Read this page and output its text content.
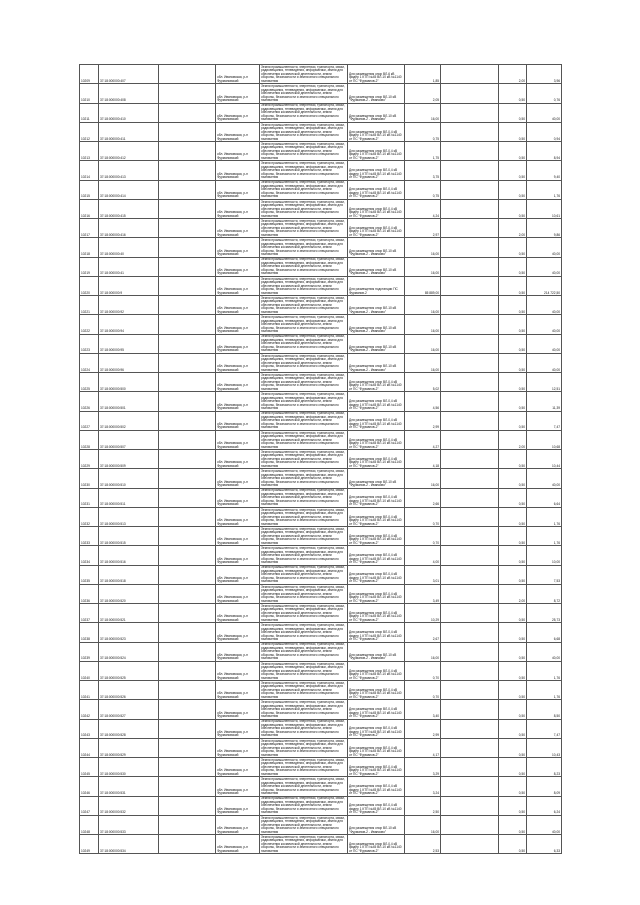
10209	37:18:000000:407		обл. Ивановская, р-н Фурмановский	Земли промышленности, энергетики, транспорта, связи, радиовещания, телевидения, информатики, земли для обеспечения космической деятельности, земли обороны, безопасности и земли иного специального назначения	Для размещения опор ВЛ-6 кВ фидер 1 КТП №45 ВЛ-10 кВ №1140 от ПС "Фурманов-2"	1,85		2,00	3,96
10210	37:18:000000:408		обл. Ивановская, р-н Фурмановский	Земли промышленности, энергетики, транспорта, связи, радиовещания, телевидения, информатики, земли для обеспечения космической деятельности, земли обороны, безопасности и земли иного специального назначения	Для размещения опор ВЛ-10 кВ "Фурманов-2 - Иванково"	2,05		0,50	0,76
10211	37:18:000000:410		обл. Ивановская, р-н Фурмановский	Земли промышленности, энергетики, транспорта, связи, радиовещания, телевидения, информатики, земли для обеспечения космической деятельности, земли обороны, безопасности и земли иного специального назначения	Для размещения опор ВЛ-10 кВ "Фурманов-2 - Иванково"	16,00		0,50	40,00
10212	37:18:000000:411		обл. Ивановская, р-н Фурмановский	Земли промышленности, энергетики, транспорта, связи, радиовещания, телевидения, информатики, земли для обеспечения космической деятельности, земли обороны, безопасности и земли иного специального назначения	Для размещения опор ВЛ-0,4 кВ фидер 1 КТП №45 ВЛ-10 кВ №1140 от ПС "Фурманов-2"	0,75		0,50	0,94
10213	37:18:000000:412		обл. Ивановская, р-н Фурмановский	Земли промышленности, энергетики, транспорта, связи, радиовещания, телевидения, информатики, земли для обеспечения космической деятельности, земли обороны, безопасности и земли иного специального назначения	Для размещения опор ВЛ-0,4 кВ фидер 1 КТП №45 ВЛ-10 кВ №1140 от ПС "Фурманов-2"	1,75		0,50	8,94
10214	37:18:000000:413		обл. Ивановская, р-н Фурмановский	Земли промышленности, энергетики, транспорта, связи, радиовещания, телевидения, информатики, земли для обеспечения космической деятельности, земли обороны, безопасности и земли иного специального назначения	Для размещения опор ВЛ-0,4 кВ фидер 1 КТП №45 ВЛ-10 кВ №1140 от ПС "Фурманов-2"	3,75		0,50	9,40
10215	37:18:000000:414		обл. Ивановская, р-н Фурмановский	Земли промышленности, энергетики, транспорта, связи, радиовещания, телевидения, информатики, земли для обеспечения космической деятельности, земли обороны, безопасности и земли иного специального назначения	Для размещения опор ВЛ-0,4 кВ фидер 1 КТП №45 ВЛ-10 кВ №1140 от ПС "Фурманов-2"	0,75		0,50	1,76
10216	37:18:000000:415		обл. Ивановская, р-н Фурмановский	Земли промышленности, энергетики, транспорта, связи, радиовещания, телевидения, информатики, земли для обеспечения космической деятельности, земли обороны, безопасности и земли иного специального назначения	Для размещения опор ВЛ-0,4 кВ фидер 1 КТП №45 ВЛ-10 кВ №1140 от ПС "Фурманов-2"	4,24		0,50	10,61
10217	37:18:000000:416		обл. Ивановская, р-н Фурмановский	Земли промышленности, энергетики, транспорта, связи, радиовещания, телевидения, информатики, земли для обеспечения космической деятельности, земли обороны, безопасности и земли иного специального назначения	Для размещения опор ВЛ-0,4 кВ фидер 1 КТП №45 ВЛ-10 кВ №1140 от ПС "Фурманов-2"	2,97		2,00	9,86
10218	37:18:000000:40		обл. Ивановская, р-н Фурмановский	Земли промышленности, энергетики, транспорта, связи, радиовещания, телевидения, информатики, земли для обеспечения космической деятельности, земли обороны, безопасности и земли иного специального назначения	Для размещения опор ВЛ-10 кВ "Фурманов-2 - Иванково"	16,00		0,50	40,00
10219	37:18:000000:41		обл. Ивановская, р-н Фурмановский	Земли промышленности, энергетики, транспорта, связи, радиовещания, телевидения, информатики, земли для обеспечения космической деятельности, земли обороны, безопасности и земли иного специального назначения	Для размещения опор ВЛ-10 кВ "Фурманов-2 - Иванково"	16,00		0,50	40,00
10220	37:18:000000:9		обл. Ивановская, р-н Фурмановский	Земли промышленности, энергетики, транспорта, связи, радиовещания, телевидения, информатики, земли для обеспечения космической деятельности, земли обороны, безопасности и земли иного специального назначения	Для размещения подстанции ПС Фурманов-2	85 889,00		0,50	214 722,50
10221	37:18:000000:92		обл. Ивановская, р-н Фурмановский	Земли промышленности, энергетики, транспорта, связи, радиовещания, телевидения, информатики, земли для обеспечения космической деятельности, земли обороны, безопасности и земли иного специального назначения	Для размещения опор ВЛ-10 кВ "Фурманов-2 - Иванково"	16,00		0,50	40,00
10222	37:18:000000:94		обл. Ивановская, р-н Фурмановский	Земли промышленности, энергетики, транспорта, связи, радиовещания, телевидения, информатики, земли для обеспечения космической деятельности, земли обороны, безопасности и земли иного специального назначения	Для размещения опор ВЛ-10 кВ "Фурманов-2 - Иванково"	16,00		0,50	40,00
10223	37:18:000000:95		обл. Ивановская, р-н Фурмановский	Земли промышленности, энергетики, транспорта, связи, радиовещания, телевидения, информатики, земли для обеспечения космической деятельности, земли обороны, безопасности и земли иного специального назначения	Для размещения опор ВЛ-10 кВ "Фурманов-2 - Иванково"	16,00		0,50	40,00
10224	37:18:000000:96		обл. Ивановская, р-н Фурмановский	Земли промышленности, энергетики, транспорта, связи, радиовещания, телевидения, информатики, земли для обеспечения космической деятельности, земли обороны, безопасности и земли иного специального назначения	Для размещения опор ВЛ-10 кВ "Фурманов-2 - Иванково"	16,00		0,50	40,00
10225	37:18:000000:500		обл. Ивановская, р-н Фурмановский	Земли промышленности, энергетики, транспорта, связи, радиовещания, телевидения, информатики, земли для обеспечения космической деятельности, земли обороны, безопасности и земли иного специального назначения	Для размещения опор ВЛ-0,4 кВ фидер 1 КТП №45 ВЛ-10 кВ №1140 от ПС "Фурманов-2"	5,02		0,50	12,51
10226	37:18:000000:501		обл. Ивановская, р-н Фурмановский	Земли промышленности, энергетики, транспорта, связи, радиовещания, телевидения, информатики, земли для обеспечения космической деятельности, земли обороны, безопасности и земли иного специального назначения	Для размещения опор ВЛ-0,4 кВ фидер 1 КТП №45 ВЛ-10 кВ №1140 от ПС "Фурманов-2"	4,56		0,50	11,39
10227	37:18:000000:502		обл. Ивановская, р-н Фурмановский	Земли промышленности, энергетики, транспорта, связи, радиовещания, телевидения, информатики, земли для обеспечения космической деятельности, земли обороны, безопасности и земли иного специального назначения	Для размещения опор ВЛ-0,4 кВ фидер 1 КТП №45 ВЛ-10 кВ №1140 от ПС "Фурманов-2"	2,99		0,50	7,47
10228	37:18:000000:507		обл. Ивановская, р-н Фурмановский	Земли промышленности, энергетики, транспорта, связи, радиовещания, телевидения, информатики, земли для обеспечения космической деятельности, земли обороны, безопасности и земли иного специального назначения	Для размещения опор ВЛ-0,4 кВ фидер 1 КТП №45 ВЛ-10 кВ №1140 от ПС "Фурманов-2"	4,27		2,00	10,68
10229	37:18:000000:509		обл. Ивановская, р-н Фурмановский	Земли промышленности, энергетики, транспорта, связи, радиовещания, телевидения, информатики, земли для обеспечения космической деятельности, земли обороны, безопасности и земли иного специального назначения	Для размещения опор ВЛ-0,4 кВ фидер 1 КТП №45 ВЛ-10 кВ №1140 от ПС "Фурманов-2"	4,18		0,50	10,44
10230	37:18:000000:510		обл. Ивановская, р-н Фурмановский	Земли промышленности, энергетики, транспорта, связи, радиовещания, телевидения, информатики, земли для обеспечения космической деятельности, земли обороны, безопасности и земли иного специального назначения	Для размещения опор ВЛ-10 кВ "Фурманов-2 - Иванково"	16,00		0,50	40,00
10231	37:18:000000:511		обл. Ивановская, р-н Фурмановский	Земли промышленности, энергетики, транспорта, связи, радиовещания, телевидения, информатики, земли для обеспечения космической деятельности, земли обороны, безопасности и земли иного специального назначения	Для размещения опор ВЛ-0,4 кВ фидер 1 КТП №45 ВЛ-10 кВ №1140 от ПС "Фурманов-2"	2,66		0,50	6,64
10232	37:18:000000:513		обл. Ивановская, р-н Фурмановский	Земли промышленности, энергетики, транспорта, связи, радиовещания, телевидения, информатики, земли для обеспечения космической деятельности, земли обороны, безопасности и земли иного специального назначения	Для размещения опор ВЛ-0,4 кВ фидер 1 КТП №45 ВЛ-10 кВ №1140 от ПС "Фурманов-2"	0,70		0,50	1,76
10233	37:18:000000:515		обл. Ивановская, р-н Фурмановский	Земли промышленности, энергетики, транспорта, связи, радиовещания, телевидения, информатики, земли для обеспечения космической деятельности, земли обороны, безопасности и земли иного специального назначения	Для размещения опор ВЛ-0,4 кВ фидер 1 КТП №45 ВЛ-10 кВ №1140 от ПС "Фурманов-2"	0,70		0,50	1,76
10234	37:18:000000:516		обл. Ивановская, р-н Фурмановский	Земли промышленности, энергетики, транспорта, связи, радиовещания, телевидения, информатики, земли для обеспечения космической деятельности, земли обороны, безопасности и земли иного специального назначения	Для размещения опор ВЛ-0,4 кВ фидер 1 КТП №45 ВЛ-10 кВ №1140 от ПС "Фурманов-2"	4,00		0,50	10,00
10235	37:18:000000:518		обл. Ивановская, р-н Фурмановский	Земли промышленности, энергетики, транспорта, связи, радиовещания, телевидения, информатики, земли для обеспечения космической деятельности, земли обороны, безопасности и земли иного специального назначения	Для размещения опор ВЛ-0,4 кВ фидер 1 КТП №45 ВЛ-10 кВ №1140 от ПС "Фурманов-2"	3,01		0,50	7,53
10236	37:18:000000:520		обл. Ивановская, р-н Фурмановский	Земли промышленности, энергетики, транспорта, связи, радиовещания, телевидения, информатики, земли для обеспечения космической деятельности, земли обороны, безопасности и земли иного специального назначения	Для размещения опор ВЛ-0,4 кВ фидер 1 КТП №45 ВЛ-10 кВ №1140 от ПС "Фурманов-2"	3,49		2,00	8,72
10237	37:18:000000:521		обл. Ивановская, р-н Фурмановский	Земли промышленности, энергетики, транспорта, связи, радиовещания, телевидения, информатики, земли для обеспечения космической деятельности, земли обороны, безопасности и земли иного специального назначения	Для размещения опор ВЛ-0,4 кВ фидер 1 КТП №45 ВЛ-10 кВ №1140 от ПС "Фурманов-2"	10,29		0,50	25,73
10238	37:18:000000:523		обл. Ивановская, р-н Фурмановский	Земли промышленности, энергетики, транспорта, связи, радиовещания, телевидения, информатики, земли для обеспечения космической деятельности, земли обороны, безопасности и земли иного специального назначения	Для размещения опор ВЛ-0,4 кВ фидер 1 КТП №45 ВЛ-10 кВ №1140 от ПС "Фурманов-2"	2,67		0,50	6,68
10239	37:18:000000:524		обл. Ивановская, р-н Фурмановский	Земли промышленности, энергетики, транспорта, связи, радиовещания, телевидения, информатики, земли для обеспечения космической деятельности, земли обороны, безопасности и земли иного специального назначения	Для размещения опор ВЛ-10 кВ "Фурманов-2 - Иванково"	16,00		0,50	40,00
10240	37:18:000000:525		обл. Ивановская, р-н Фурмановский	Земли промышленности, энергетики, транспорта, связи, радиовещания, телевидения, информатики, земли для обеспечения космической деятельности, земли обороны, безопасности и земли иного специального назначения	Для размещения опор ВЛ-0,4 кВ фидер 1 КТП №45 ВЛ-10 кВ №1140 от ПС "Фурманов-2"	0,70		0,50	1,76
10241	37:18:000000:526		обл. Ивановская, р-н Фурмановский	Земли промышленности, энергетики, транспорта, связи, радиовещания, телевидения, информатики, земли для обеспечения космической деятельности, земли обороны, безопасности и земли иного специального назначения	Для размещения опор ВЛ-0,4 кВ фидер 1 КТП №45 ВЛ-10 кВ №1140 от ПС "Фурманов-2"	0,70		0,50	1,76
10242	37:18:000000:527		обл. Ивановская, р-н Фурмановский	Земли промышленности, энергетики, транспорта, связи, радиовещания, телевидения, информатики, земли для обеспечения космической деятельности, земли обороны, безопасности и земли иного специального назначения	Для размещения опор ВЛ-0,4 кВ фидер 1 КТП №45 ВЛ-10 кВ №1140 от ПС "Фурманов-2"	3,40		0,50	8,50
10243	37:18:000000:528		обл. Ивановская, р-н Фурмановский	Земли промышленности, энергетики, транспорта, связи, радиовещания, телевидения, информатики, земли для обеспечения космической деятельности, земли обороны, безопасности и земли иного специального назначения	Для размещения опор ВЛ-0,4 кВ фидер 1 КТП №45 ВЛ-10 кВ №1140 от ПС "Фурманов-2"	2,99		0,50	7,47
10244	37:18:000000:529		обл. Ивановская, р-н Фурмановский	Земли промышленности, энергетики, транспорта, связи, радиовещания, телевидения, информатики, земли для обеспечения космической деятельности, земли обороны, безопасности и земли иного специального назначения	Для размещения опор ВЛ-0,4 кВ фидер 1 КТП №45 ВЛ-10 кВ №1140 от ПС "Фурманов-2"	4,17		0,50	10,43
10245	37:18:000000:530		обл. Ивановская, р-н Фурмановский	Земли промышленности, энергетики, транспорта, связи, радиовещания, телевидения, информатики, земли для обеспечения космической деятельности, земли обороны, безопасности и земли иного специального назначения	Для размещения опор ВЛ-0,4 кВ фидер 1 КТП №45 ВЛ-10 кВ №1140 от ПС "Фурманов-2"	3,29		0,50	8,23
10246	37:18:000000:531		обл. Ивановская, р-н Фурмановский	Земли промышленности, энергетики, транспорта, связи, радиовещания, телевидения, информатики, земли для обеспечения космической деятельности, земли обороны, безопасности и земли иного специального назначения	Для размещения опор ВЛ-0,4 кВ фидер 1 КТП №45 ВЛ-10 кВ №1140 от ПС "Фурманов-2"	3,24		0,50	8,09
10247	37:18:000000:532		обл. Ивановская, р-н Фурмановский	Земли промышленности, энергетики, транспорта, связи, радиовещания, телевидения, информатики, земли для обеспечения космической деятельности, земли обороны, безопасности и земли иного специального назначения	Для размещения опор ВЛ-0,4 кВ фидер 1 КТП №45 ВЛ-10 кВ №1140 от ПС "Фурманов-2"	2,50		0,50	6,24
10248	37:18:000000:533		обл. Ивановская, р-н Фурмановский	Земли промышленности, энергетики, транспорта, связи, радиовещания, телевидения, информатики, земли для обеспечения космической деятельности, земли обороны, безопасности и земли иного специального назначения	Для размещения опор ВЛ-10 кВ "Фурманов-2 - Иванково"	16,00		0,50	40,00
10249	37:18:000000:534		обл. Ивановская, р-н Фурмановский	Земли промышленности, энергетики, транспорта, связи, радиовещания, телевидения, информатики, земли для обеспечения космической деятельности, земли обороны, безопасности и земли иного специального назначения	Для размещения опор ВЛ-0,4 кВ фидер 1 КТП №45 ВЛ-10 кВ №1140 от ПС "Фурманов-2"	2,53		0,50	6,33
